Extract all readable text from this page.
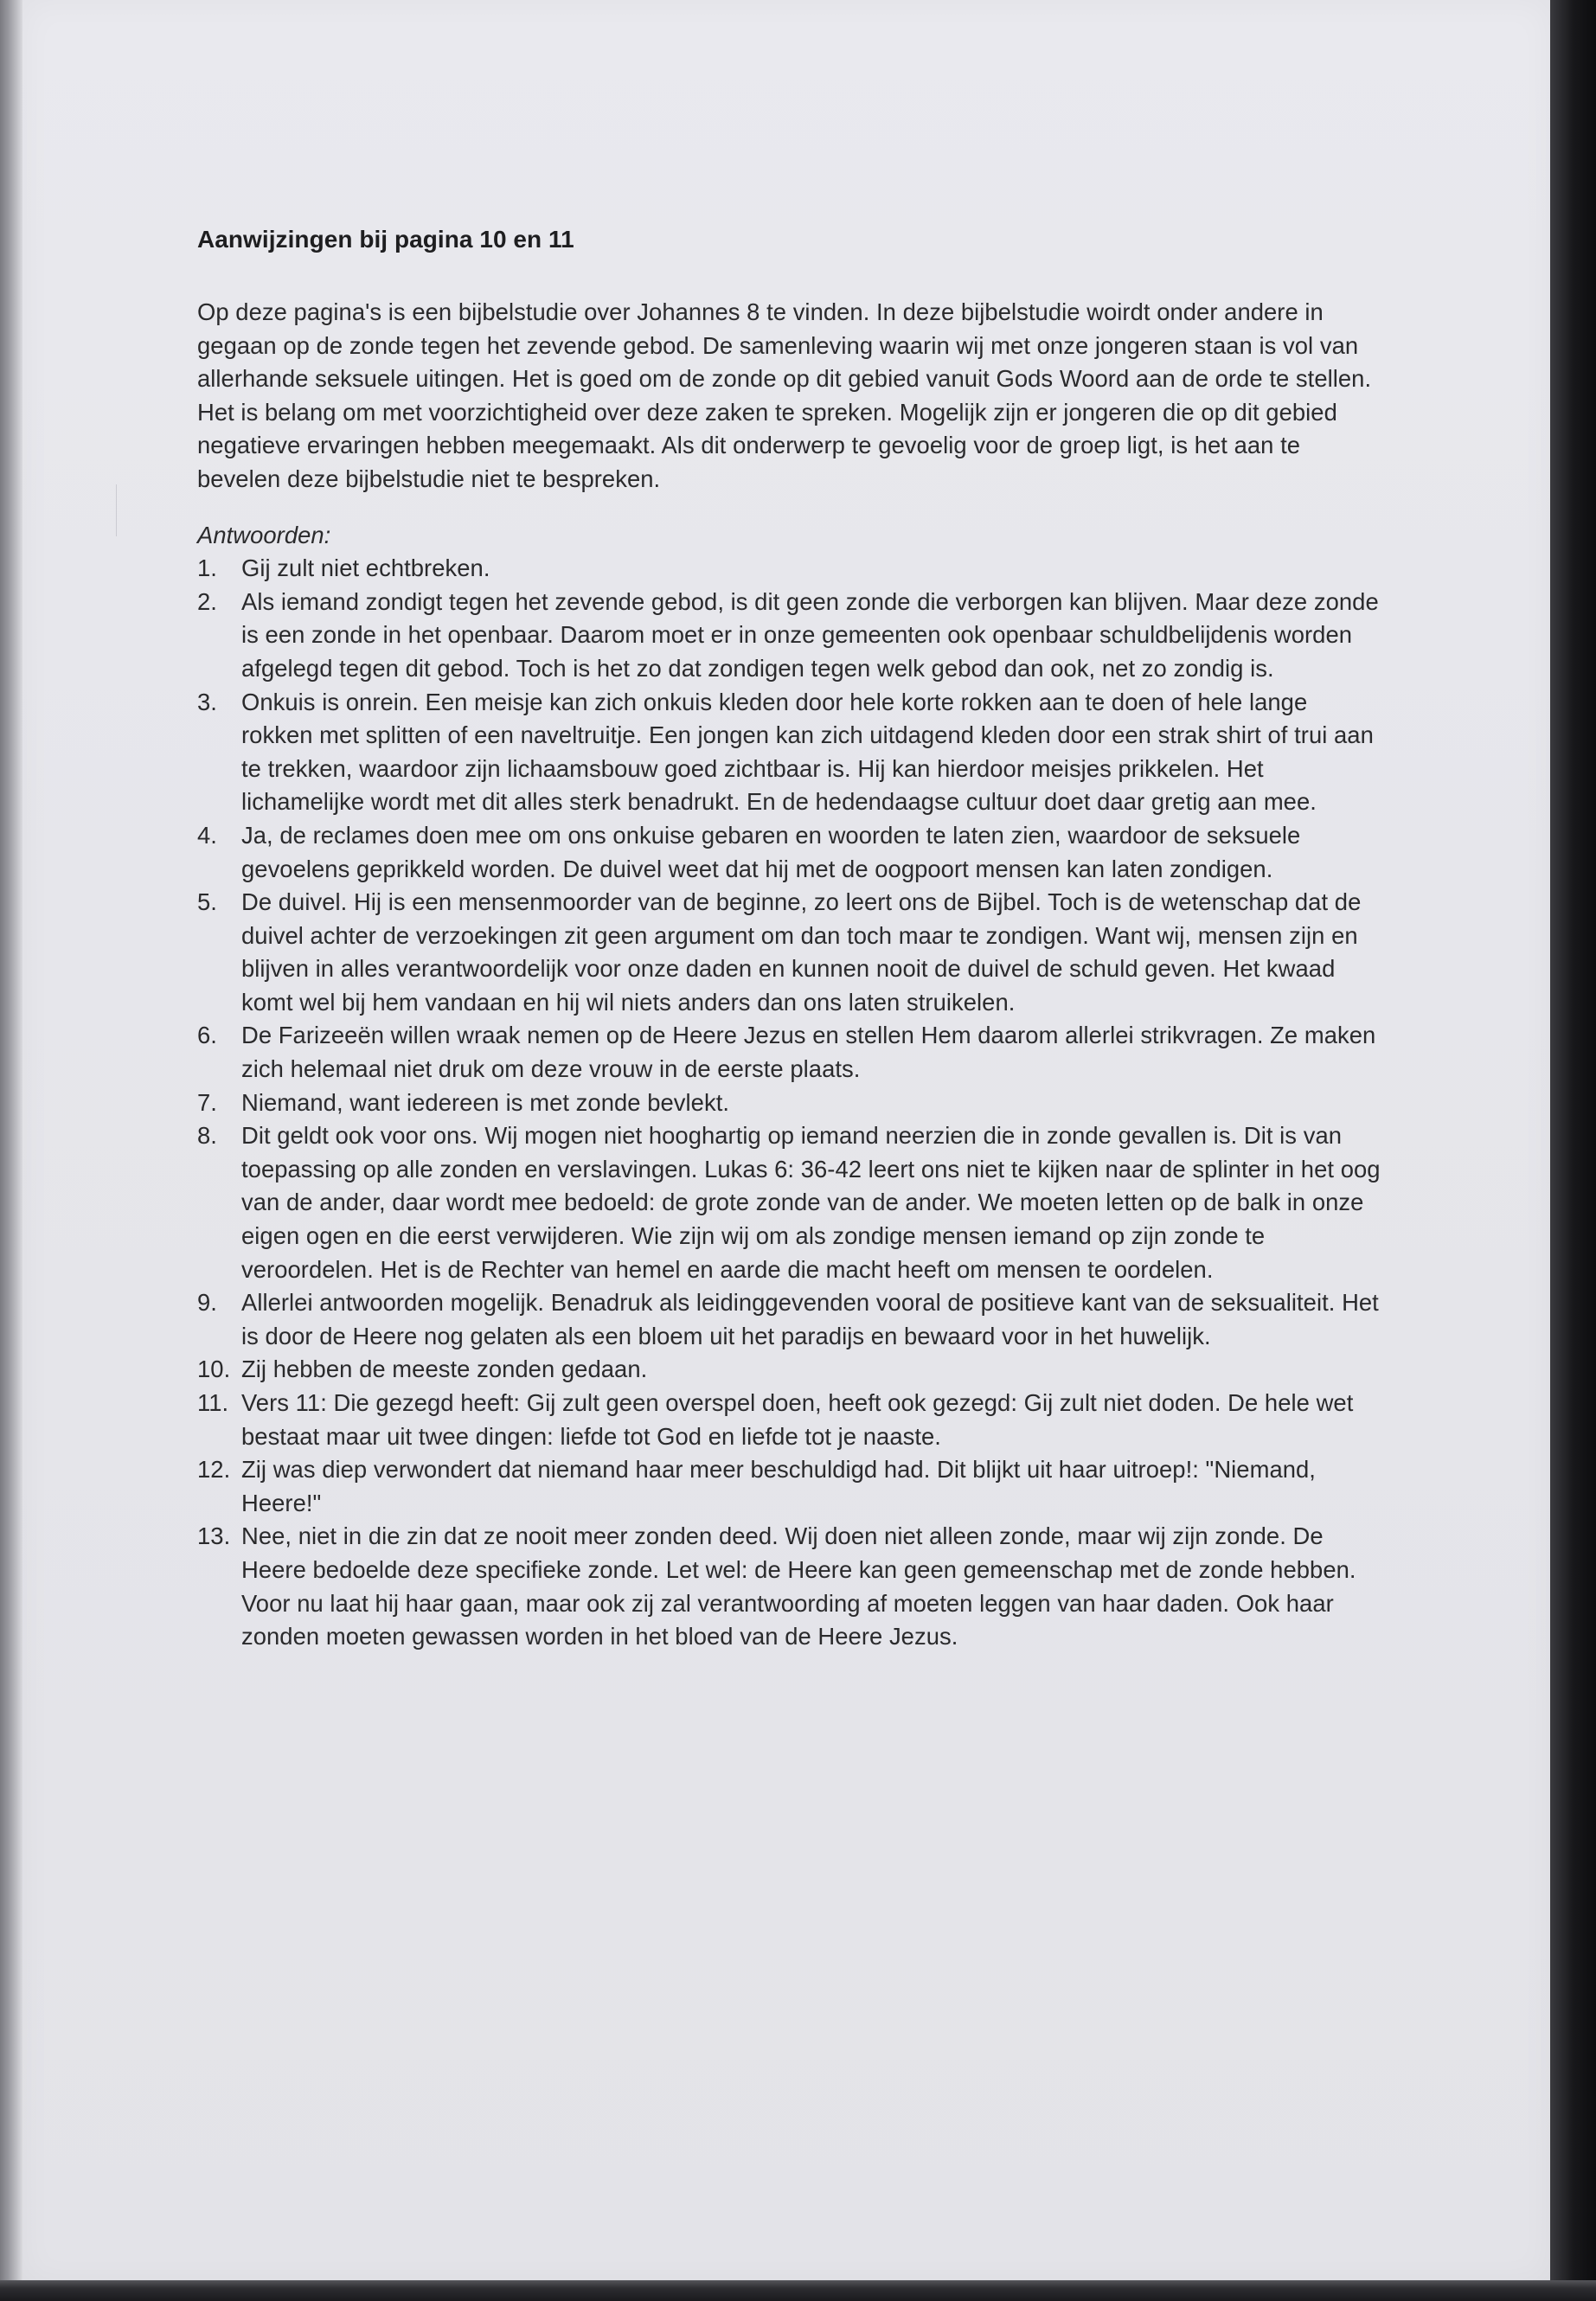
Aanwijzingen bij pagina 10 en 11
Op deze pagina's is een bijbelstudie over Johannes 8 te vinden. In deze bijbelstudie woirdt onder andere in gegaan op de zonde tegen het zevende gebod. De samenleving waarin wij met onze jongeren staan is vol van allerhande seksuele uitingen. Het is goed om de zonde op dit gebied vanuit Gods Woord aan de orde te stellen. Het is belang om met voorzichtigheid over deze zaken te spreken. Mogelijk zijn er jongeren die op dit gebied negatieve ervaringen hebben meegemaakt. Als dit onderwerp te gevoelig voor de groep ligt, is het aan te bevelen deze bijbelstudie niet te bespreken.
Antwoorden:
1.	Gij zult niet echtbreken.
2.	Als iemand zondigt tegen het zevende gebod, is dit geen zonde die verborgen kan blijven. Maar deze zonde is een zonde in het openbaar. Daarom moet er in onze gemeenten ook openbaar schuldbelijdenis worden afgelegd tegen dit gebod. Toch is het zo dat zondigen tegen welk gebod dan ook, net zo zondig is.
3.	Onkuis is onrein. Een meisje kan zich onkuis kleden door hele korte rokken aan te doen of hele lange rokken met splitten of een naveltruitje. Een jongen kan zich uitdagend kleden door een strak shirt of trui aan te trekken, waardoor zijn lichaamsbouw goed zichtbaar is. Hij kan hierdoor meisjes prikkelen. Het lichamelijke wordt met dit alles sterk benadrukt. En de hedendaagse cultuur doet daar gretig aan mee.
4.	Ja, de reclames doen mee om ons onkuise gebaren en woorden te laten zien, waardoor de seksuele gevoelens geprikkeld worden. De duivel weet dat hij met de oogpoort mensen kan laten zondigen.
5.	De duivel. Hij is een mensenmoorder van de beginne, zo leert ons de Bijbel. Toch is de wetenschap dat de duivel achter de verzoekingen zit geen argument om dan toch maar te zondigen. Want wij, mensen zijn en blijven in alles verantwoordelijk voor onze daden en kunnen nooit de duivel de schuld geven. Het kwaad komt wel bij hem vandaan en hij wil niets anders dan ons laten struikelen.
6.	De Farizeeën willen wraak nemen op de Heere Jezus en stellen Hem daarom allerlei strikvragen. Ze maken zich helemaal niet druk om deze vrouw in de eerste plaats.
7.	Niemand, want iedereen is met zonde bevlekt.
8.	Dit geldt ook voor ons. Wij mogen niet hooghartig op iemand neerzien die in zonde gevallen is. Dit is van toepassing op alle zonden en verslavingen. Lukas 6: 36-42 leert ons niet te kijken naar de splinter in het oog van de ander, daar wordt mee bedoeld: de grote zonde van de ander. We moeten letten op de balk in onze eigen ogen en die eerst verwijderen. Wie zijn wij om als zondige mensen iemand op zijn zonde te veroordelen. Het is de Rechter van hemel en aarde die macht heeft om mensen te oordelen.
9.	Allerlei antwoorden mogelijk. Benadruk als leidinggevenden vooral de positieve kant van de seksualiteit. Het is door de Heere nog gelaten als een bloem uit het paradijs en bewaard voor in het huwelijk.
10. Zij hebben de meeste zonden gedaan.
11. Vers 11: Die gezegd heeft: Gij zult geen overspel doen, heeft ook gezegd: Gij zult niet doden. De hele wet bestaat maar uit twee dingen: liefde tot God en liefde tot je naaste.
12. Zij was diep verwondert dat niemand haar meer beschuldigd had. Dit blijkt uit haar uitroep!: "Niemand, Heere!"
13. Nee, niet in die zin dat ze nooit meer zonden deed. Wij doen niet alleen zonde, maar wij zijn zonde. De Heere bedoelde deze specifieke zonde. Let wel: de Heere kan geen gemeenschap met de zonde hebben. Voor nu laat hij haar gaan, maar ook zij zal verantwoording af moeten leggen van haar daden. Ook haar zonden moeten gewassen worden in het bloed van de Heere Jezus.
